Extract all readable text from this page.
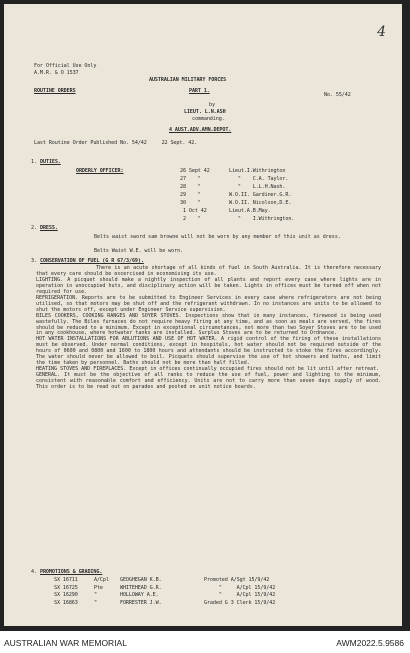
4
For Official Use Only
A.M.R. & O 1537
AUSTRALIAN MILITARY FORCES
ROUTINE ORDERS	PART 1.
No. 55/42
by
LIEUT. L.N.ASH
commanding.
4 AUST.ADV.AMN.DEPOT.
Last Routine Order Published No. 54/42     22 Sept. 42.
1. DUTIES.
ORDERLY OFFICER:	26 Sept 42	Lieut.I.Withrington
27    "	"    C.A. Taylor.
28    "	"    L.L.H.Nash.
29    "	W.O.II. Gardiner.G.R.
30    "	W.O.II. Nicolson,D.E.
1 Oct 42	Lieut.A.B.May.
2    "	"    I.Withrington.
2. DRESS.
Belts waist sword sam browne will not be worn by any member of this unit as dress.
Belts Waist W.E. will be worn.
3. CONSERVATION OF FUEL (G R 67/3/69).

There is an acute shortage of all kinds of fuel in South Australia. It is therefore necessary that every care should be excercised in economising its use.

LIGHTING. A picquet should make a nightly inspection of all plants and report every case where lights are in operation in unoccupied huts, and disciplinary action will be taken. Lights in offices must be turned off when not required for use.

REFRIGERATION. Reports are to be submitted to Engineer Services in every case where refrigerators are not being utilised, so that motors may be shut off and the refrigerant withdrawn. In no instances are units to be allowed to shut the motors off, except under Engineer Service supervision.

BILES COOKERS, COOKING RANGES AND SOYER STOVES. Inspections show that in many instances, firewood is being used wastefully. The Biles furnaces do not require heavy firing at any time, and as soon as meals are served, the fires should be reduced to a minimum. Except in exceptional circumstances, not more than two Soyer Stoves are to be used in any cookhouse, where hotwater tanks are installed. Surplus Stoves are to be returned to Ordnance.

HOT WATER INSTALLATIONS FOR ABLUTIONS AND USE OF HOT WATER. A rigid control of the firing of these installations must be observed. Under normal conditions, except in hospitals, hot water should not be required outside of the hours of 0600 and 0800 and 1600 to 1800 hours and attendants should be instructed to stoke the fires accordingly. The water should never be allowed to boil. Picquets should supervise the use of hot showers and baths, and limit the time taken by personnel. Baths should not be more than half filled.

HEATING STOVES AND FIREPLACES. Except in offices continually occupied fires should not be lit until after retreat.

GENERAL. It must be the objective of all ranks to reduce the use of fuel, power and lighting to the minimum, consistent with reasonable comfort and efficiency. Units are not to carry more than seven days supply of wood. This order is to be read out on parades and posted on unit notice boards.

4. PROMOTIONS & GRADING.
SX 16711	A/Cpl GEOGHEGAN K.B.	Promoted A/Sgt 15/9/42
SX 16725	Pte	WHITEHEAD G.R.	"     A/Cpl 15/9/42
SX 16290	"	HOLLOWAY A.E.	"     A/Cpl 15/9/42
SX 16863	"	FORRESTER J.W.	Graded G 3 Clerk 15/9/42
AUSTRALIAN WAR MEMORIAL	AWM2022.5.9586
